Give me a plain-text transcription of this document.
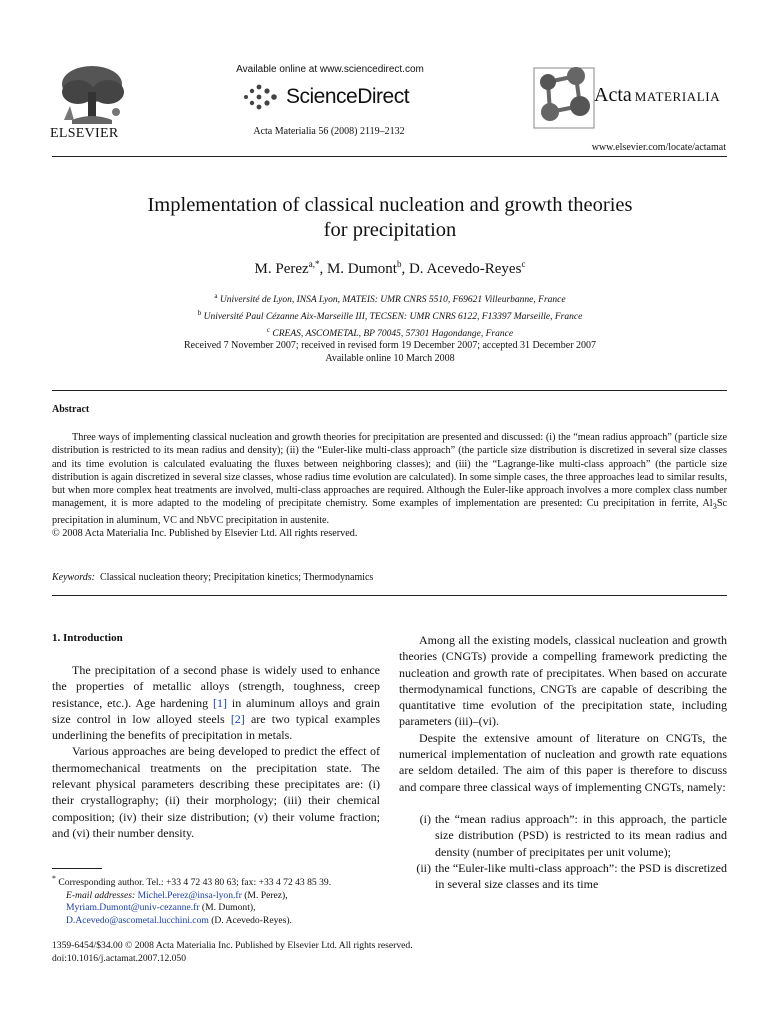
ELSEVIER
Available online at www.sciencedirect.com
ScienceDirect
Acta Materialia 56 (2008) 2119–2132
Acta MATERIALIA
www.elsevier.com/locate/actamat
Implementation of classical nucleation and growth theories
for precipitation
M. Perez$^{a,*}$, M. Dumont$^b$, D. Acevedo-Reyes$^c$
$^a$ Université de Lyon, INSA Lyon, MATEIS: UMR CNRS 5510, F69621 Villeurbanne, France
$^b$ Université Paul Cézanne Aix-Marseille III, TECSEN: UMR CNRS 6122, F13397 Marseille, France
$^c$ CREAS, ASCOMETAL, BP 70045, 57301 Hagondange, France
Received 7 November 2007; received in revised form 19 December 2007; accepted 31 December 2007
Available online 10 March 2008
Abstract

Three ways of implementing classical nucleation and growth theories for precipitation are presented and discussed: (i) the “mean radius approach” (particle size distribution is restricted to its mean radius and density); (ii) the “Euler-like multi-class approach” (the particle size distribution is discretized in several size classes and its time evolution is calculated evaluating the fluxes between neighboring classes); and (iii) the “Lagrange-like multi-class approach” (the particle size distribution is again discretized in several size classes, whose radius time evolution are calculated). In some simple cases, the three approaches lead to similar results, but when more complex heat treatments are involved, multi-class approaches are required. Although the Euler-like approach involves a more complex class number management, it is more adapted to the modeling of precipitate chemistry. Some examples of implementation are presented: Cu precipitation in ferrite, $Al_3Sc$ precipitation in aluminum, VC and NbVC precipitation in austenite.

© 2008 Acta Materialia Inc. Published by Elsevier Ltd. All rights reserved.

Keywords: Classical nucleation theory; Precipitation kinetics; Thermodynamics
1. Introduction

The precipitation of a second phase is widely used to enhance the properties of metallic alloys (strength, toughness, creep resistance, etc.). Age hardening [1] in aluminum alloys and grain size control in low alloyed steels [2] are two typical examples underlining the benefits of precipitation in metals.

Various approaches are being developed to predict the effect of thermomechanical treatments on the precipitation state. The relevant physical parameters describing these precipitates are: (i) their crystallography; (ii) their morphology; (iii) their chemical composition; (iv) their size distribution; (v) their volume fraction; and (vi) their number density.

* Corresponding author. Tel.: +33 4 72 43 80 63; fax: +33 4 72 43 85 39.
E-mail addresses: Michel.Perez@insa-lyon.fr (M. Perez), Myriam.Dumont@univ-cezanne.fr (M. Dumont), D.Acevedo@ascometal.lucchini.com (D. Acevedo-Reyes).

Among all the existing models, classical nucleation and growth theories (CNGTs) provide a compelling framework predicting the nucleation and growth rate of precipitates. When based on accurate thermodynamical functions, CNGTs are capable of describing the quantitative time evolution of the precipitation state, including parameters (iii)–(vi).

Despite the extensive amount of literature on CNGTs, the numerical implementation of nucleation and growth rate equations are seldom detailed. The aim of this paper is therefore to discuss and compare three classical ways of implementing CNGTs, namely:

(i) the “mean radius approach”: in this approach, the particle size distribution (PSD) is restricted to its mean radius and density (number of precipitates per unit volume);
(ii) the “Euler-like multi-class approach”: the PSD is discretized in several size classes and its time
1359-6454/$34.00 © 2008 Acta Materialia Inc. Published by Elsevier Ltd. All rights reserved.
doi:10.1016/j.actamat.2007.12.050
